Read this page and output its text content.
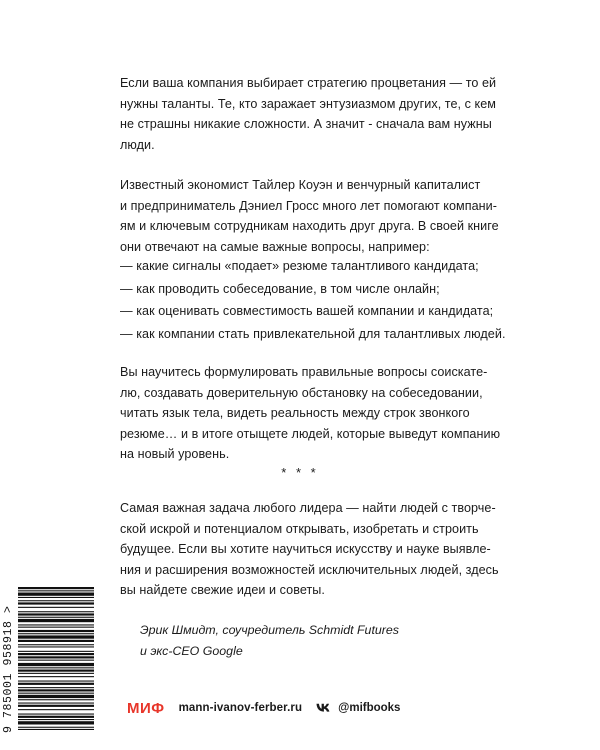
Если ваша компания выбирает стратегию процветания — то ей
нужны таланты. Те, кто заражает энтузиазмом других, те, с кем
не страшны никакие сложности. А значит - сначала вам нужны
люди.

Известный экономист Тайлер Коуэн и венчурный капиталист
и предприниматель Дэниел Гросс много лет помогают компани-
ям и ключевым сотрудникам находить друг друга. В своей книге
они отвечают на самые важные вопросы, например:

— какие сигналы «подает» резюме талантливого кандидата;

— как проводить собеседование, в том числе онлайн;

— как оценивать совместимость вашей компании и кандидата;

— как компании стать привлекательной для талантливых людей.

Вы научитесь формулировать правильные вопросы соискате-
лю, создавать доверительную обстановку на собеседовании,
читать язык тела, видеть реальность между строк звонкого
резюме… и в итоге отыщете людей, которые выведут компанию
на новый уровень.

* * *

Самая важная задача любого лидера — найти людей с творче-
ской искрой и потенциалом открывать, изобретать и строить
будущее. Если вы хотите научиться искусству и науке выявле-
ния и расширения возможностей исключительных людей, здесь
вы найдете свежие идеи и советы.

Эрик Шмидт, соучредитель Schmidt Futures
и экс-CEO Google
9 785001 958918 >	МИФ mann-ivanov-ferber.ru	@mifbooks
